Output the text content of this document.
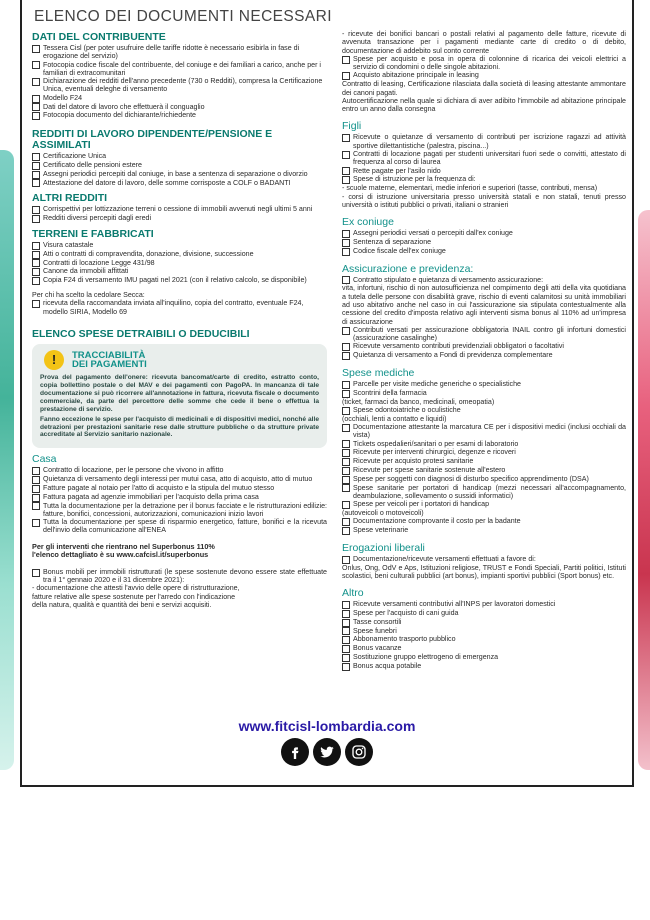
ELENCO DEI DOCUMENTI NECESSARI
DATI DEL CONTRIBUENTE
Tessera Cisl (per poter usufruire delle tariffe ridotte è necessario esibirla in fase di erogazione del servizio)
Fotocopia codice fiscale del contribuente, del coniuge e dei familiari a carico, anche per i familiari di extracomunitari
Dichiarazione dei redditi dell'anno precedente (730 o Redditi), compresa la Certificazione Unica, eventuali deleghe di versamento
Modello F24
Dati del datore di lavoro che effettuerà il conguaglio
Fotocopia documento del dichiarante/richiedente
REDDITI DI LAVORO DIPENDENTE/PENSIONE E ASSIMILATI
Certificazione Unica
Certificato delle pensioni estere
Assegni periodici percepiti dal coniuge, in base a sentenza di separazione o divorzio
Attestazione del datore di lavoro, delle somme corrisposte a COLF o BADANTI
ALTRI REDDITI
Corrispettivi per lottizzazione terreni o cessione di immobili avvenuti negli ultimi 5 anni
Redditi diversi percepiti dagli eredi
TERRENI E FABBRICATI
Visura catastale
Atti o contratti di compravendita, donazione, divisione, successione
Contratti di locazione Legge 431/98
Canone da immobili affittati
Copia F24 di versamento IMU pagati nel 2021 (con il relativo calcolo, se disponibile)
Per chi ha scelto la cedolare Secca:
ricevuta della raccomandata inviata all'inquilino, copia del contratto, eventuale F24, modello SIRIA, Modello 69
ELENCO SPESE DETRAIBILI O DEDUCIBILI
!	TRACCIABILITÀ
DEI PAGAMENTI

Prova del pagamento dell'onere: ricevuta bancomat/carte di credito, estratto conto, copia bollettino postale o del MAV e dei pagamenti con PagoPA. In mancanza di tale documentazione si può ricorrere all'annotazione in fattura, ricevuta fiscale o documento commerciale, da parte del percettore delle somme che cede il bene o effettua la prestazione di servizio.

Fanno eccezione le spese per l'acquisto di medicinali e di dispositivi medici, nonché alle detrazioni per prestazioni sanitarie rese dalle strutture pubbliche o da strutture private accreditate al Servizio sanitario nazionale.

Casa
Contratto di locazione, per le persone che vivono in affitto
Quietanza di versamento degli interessi per mutui casa, atto di acquisto, atto di mutuo
Fatture pagate al notaio per l'atto di acquisto e la stipula del mutuo stesso
Fattura pagata ad agenzie immobiliari per l'acquisto della prima casa
Tutta la documentazione per la detrazione per il bonus facciate e le ristrutturazioni edilizie: fatture, bonifici, concessioni, autorizzazioni, comunicazioni inizio lavori
Tutta la documentazione per spese di risparmio energetico, fatture, bonifici e la ricevuta dell'invio della comunicazione all'ENEA
Per gli interventi che rientrano nel Superbonus 110%
l'elenco dettagliato è su www.cafcisl.it/superbonus
Bonus mobili per immobili ristrutturati (le spese sostenute devono essere state effettuate tra il 1° gennaio 2020 e il 31 dicembre 2021):
- documentazione che attesti l'avvio delle opere di ristrutturazione,
fatture relative alle spese sostenute per l'arredo con l'indicazione
della natura, qualità e quantità dei beni e servizi acquisiti.
- ricevute dei bonifici bancari o postali relativi al pagamento delle fatture, ricevute di avvenuta transazione per i pagamenti mediante carte di credito o di debito, documentazione di addebito sul conto corrente
Spese per acquisto e posa in opera di colonnine di ricarica dei veicoli elettrici a servizio di condomini o delle singole abitazioni.
Acquisto abitazione principale in leasing
Contratto di leasing, Certificazione rilasciata dalla società di leasing attestante ammontare dei canoni pagati.
Autocertificazione nella quale si dichiara di aver adibito l'immobile ad abitazione principale entro un anno dalla consegna
Figli
Ricevute o quietanze di versamento di contributi per iscrizione ragazzi ad attività sportive dilettantistiche (palestra, piscina...)
Contratti di locazione pagati per studenti universitari fuori sede o convitti, attestato di frequenza al corso di laurea
Rette pagate per l'asilo nido
Spese di istruzione per la frequenza di:
- scuole materne, elementari, medie inferiori e superiori (tasse, contributi, mensa)
- corsi di istruzione universitaria presso università statali e non statali, tenuti presso università o istituti pubblici o privati, italiani o stranieri
Ex coniuge
Assegni periodici versati o percepiti dall'ex coniuge
Sentenza di separazione
Codice fiscale dell'ex coniuge
Assicurazione e previdenza:
Contratto stipulato e quietanza di versamento assicurazione:
vita, infortuni, rischio di non autosufficienza nel compimento degli atti della vita quotidiana a tutela delle persone con disabilità grave, rischio di eventi calamitosi su unità immobiliari ad uso abitativo anche nel caso in cui l'assicurazione sia stipulata contestualmente alla cessione del credito d'imposta relativo agli interventi sisma bonus al 110% ad un'impresa di assicurazione
Contributi versati per assicurazione obbligatoria INAIL contro gli infortuni domestici (assicurazione casalinghe)
Ricevute versamento contributi previdenziali obbligatori o facoltativi
Quietanza di versamento a Fondi di previdenza complementare
Spese mediche
Parcelle per visite mediche generiche o specialistiche
Scontrini della farmacia
(ticket, farmaci da banco, medicinali, omeopatia)
Spese odontoiatriche o oculistiche
(occhiali, lenti a contatto e liquidi)
Documentazione attestante la marcatura CE per i dispositivi medici (inclusi occhiali da vista)
Tickets ospedalieri/sanitari o per esami di laboratorio
Ricevute per interventi chirurgici, degenze e ricoveri
Ricevute per acquisto protesi sanitarie
Ricevute per spese sanitarie sostenute all'estero
Spese per soggetti con diagnosi di disturbo specifico apprendimento (DSA)
Spese sanitarie per portatori di handicap (mezzi necessari all'accompagnamento, deambulazione, sollevamento o sussidi informatici)
Spese per veicoli per i portatori di handicap
(autoveicoli o motoveicoli)
Documentazione comprovante il costo per la badante
Spese veterinarie
Erogazioni liberali
Documentazione/ricevute versamenti effettuati a favore di:
Onlus, Ong, OdV e Aps, Istituzioni religiose, TRUST e Fondi Speciali, Partiti politici, Istituti scolastici, beni culturali pubblici (art bonus), impianti sportivi pubblici (Sport bonus) etc.
Altro
Ricevute versamenti contributivi all'INPS per lavoratori domestici
Spese per l'acquisto di cani guida
Tasse consortili
Spese funebri
Abbonamento trasporto pubblico
Bonus vacanze
Sostituzione gruppo elettrogeno di emergenza
Bonus acqua potabile
www.fitcisl-lombardia.com
